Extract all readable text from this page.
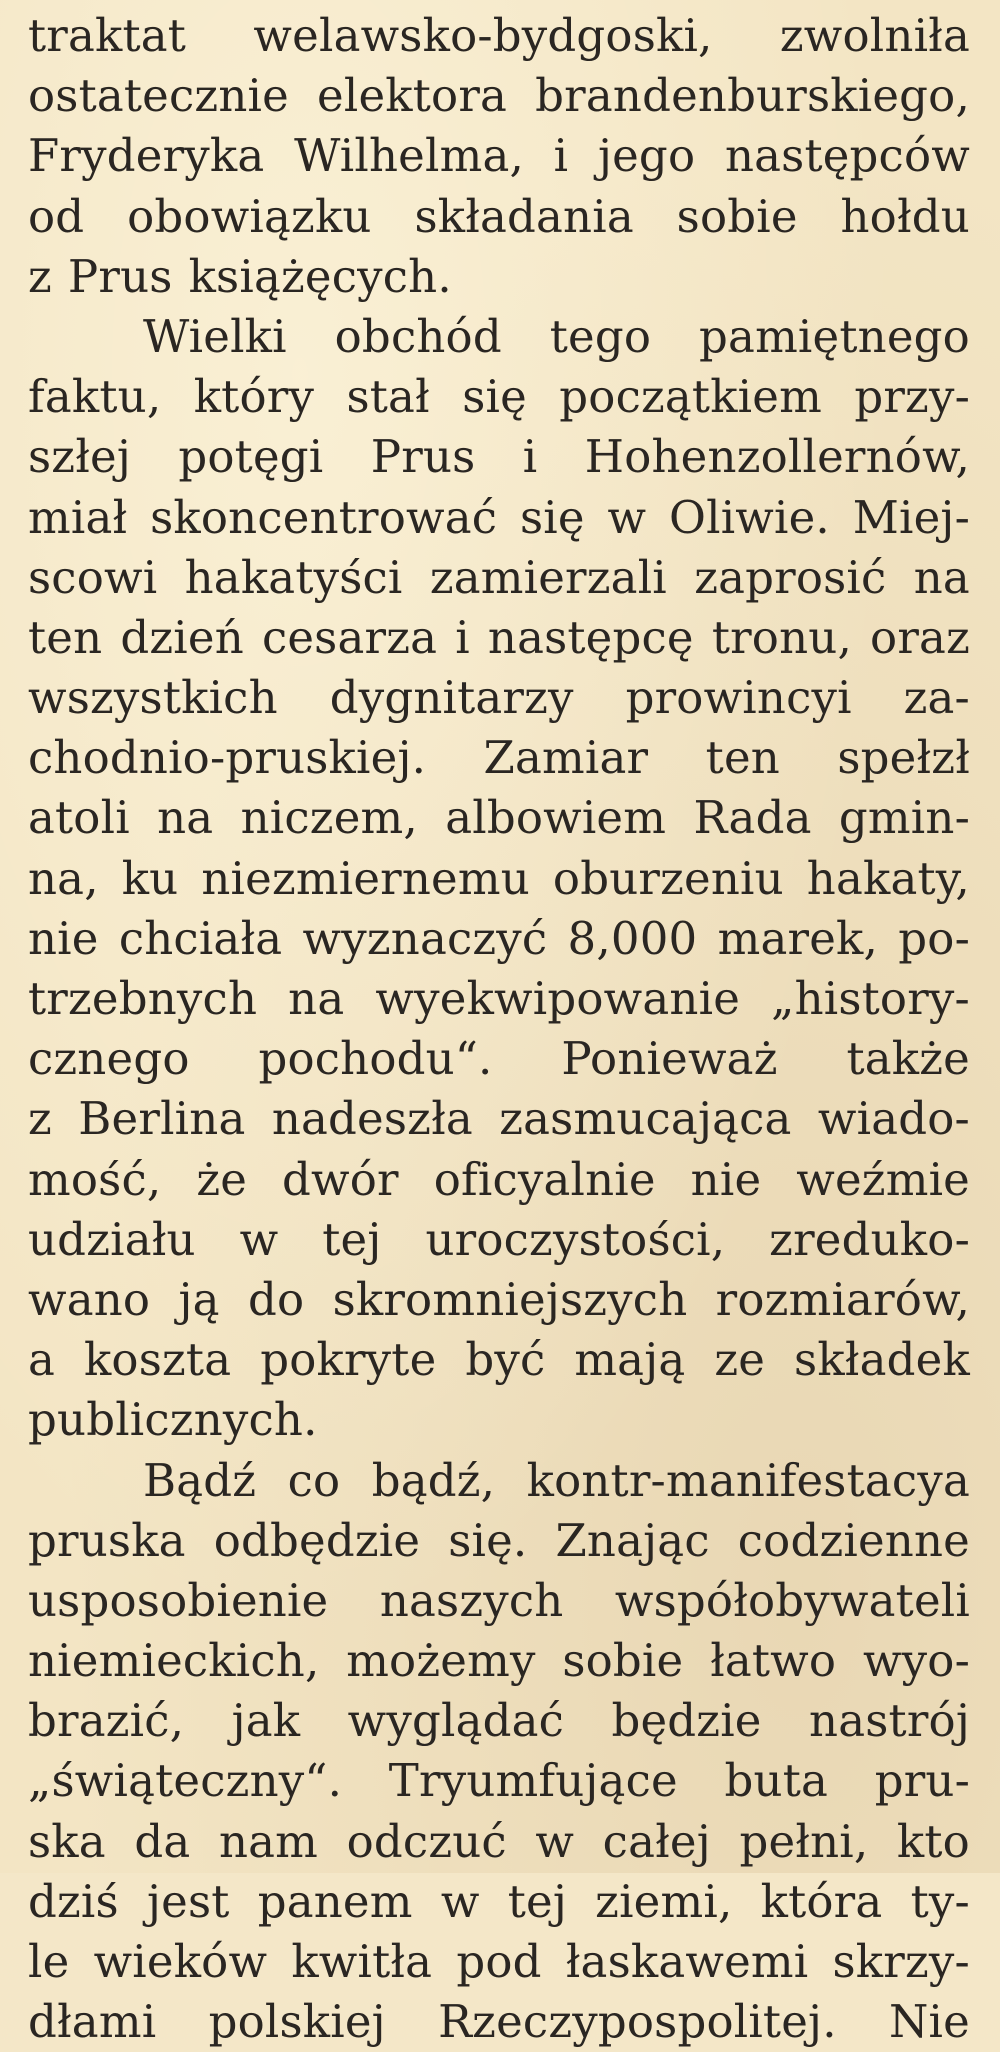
traktat welawsko-bydgoski, zwolniła
ostatecznie elektora brandenburskiego,
Fryderyka Wilhelma, i jego następców
od obowiązku składania sobie hołdu
z Prus książęcych.
Wielki obchód tego pamiętnego
faktu, który stał się początkiem przy-
szłej potęgi Prus i Hohenzollernów,
miał skoncentrować się w Oliwie. Miej-
scowi hakatyści zamierzali zaprosić na
ten dzień cesarza i następcę tronu, oraz
wszystkich dygnitarzy prowincyi za-
chodnio-pruskiej. Zamiar ten spełzł
atoli na niczem, albowiem Rada gmin-
na, ku niezmiernemu oburzeniu hakaty,
nie chciała wyznaczyć 8,000 marek, po-
trzebnych na wyekwipowanie „history-
cznego pochodu“. Ponieważ także
z Berlina nadeszła zasmucająca wiado-
mość, że dwór oficyalnie nie weźmie
udziału w tej uroczystości, zreduko-
wano ją do skromniejszych rozmiarów,
a koszta pokryte być mają ze składek
publicznych.
Bądź co bądź, kontr-manifestacya
pruska odbędzie się. Znając codzienne
usposobienie naszych współobywateli
niemieckich, możemy sobie łatwo wyo-
brazić, jak wyglądać będzie nastrój
„świąteczny“. Tryumfujące buta pru-
ska da nam odczuć w całej pełni, kto
dziś jest panem w tej ziemi, która ty-
le wieków kwitła pod łaskawemi skrzy-
dłami polskiej Rzeczypospolitej. Nie
